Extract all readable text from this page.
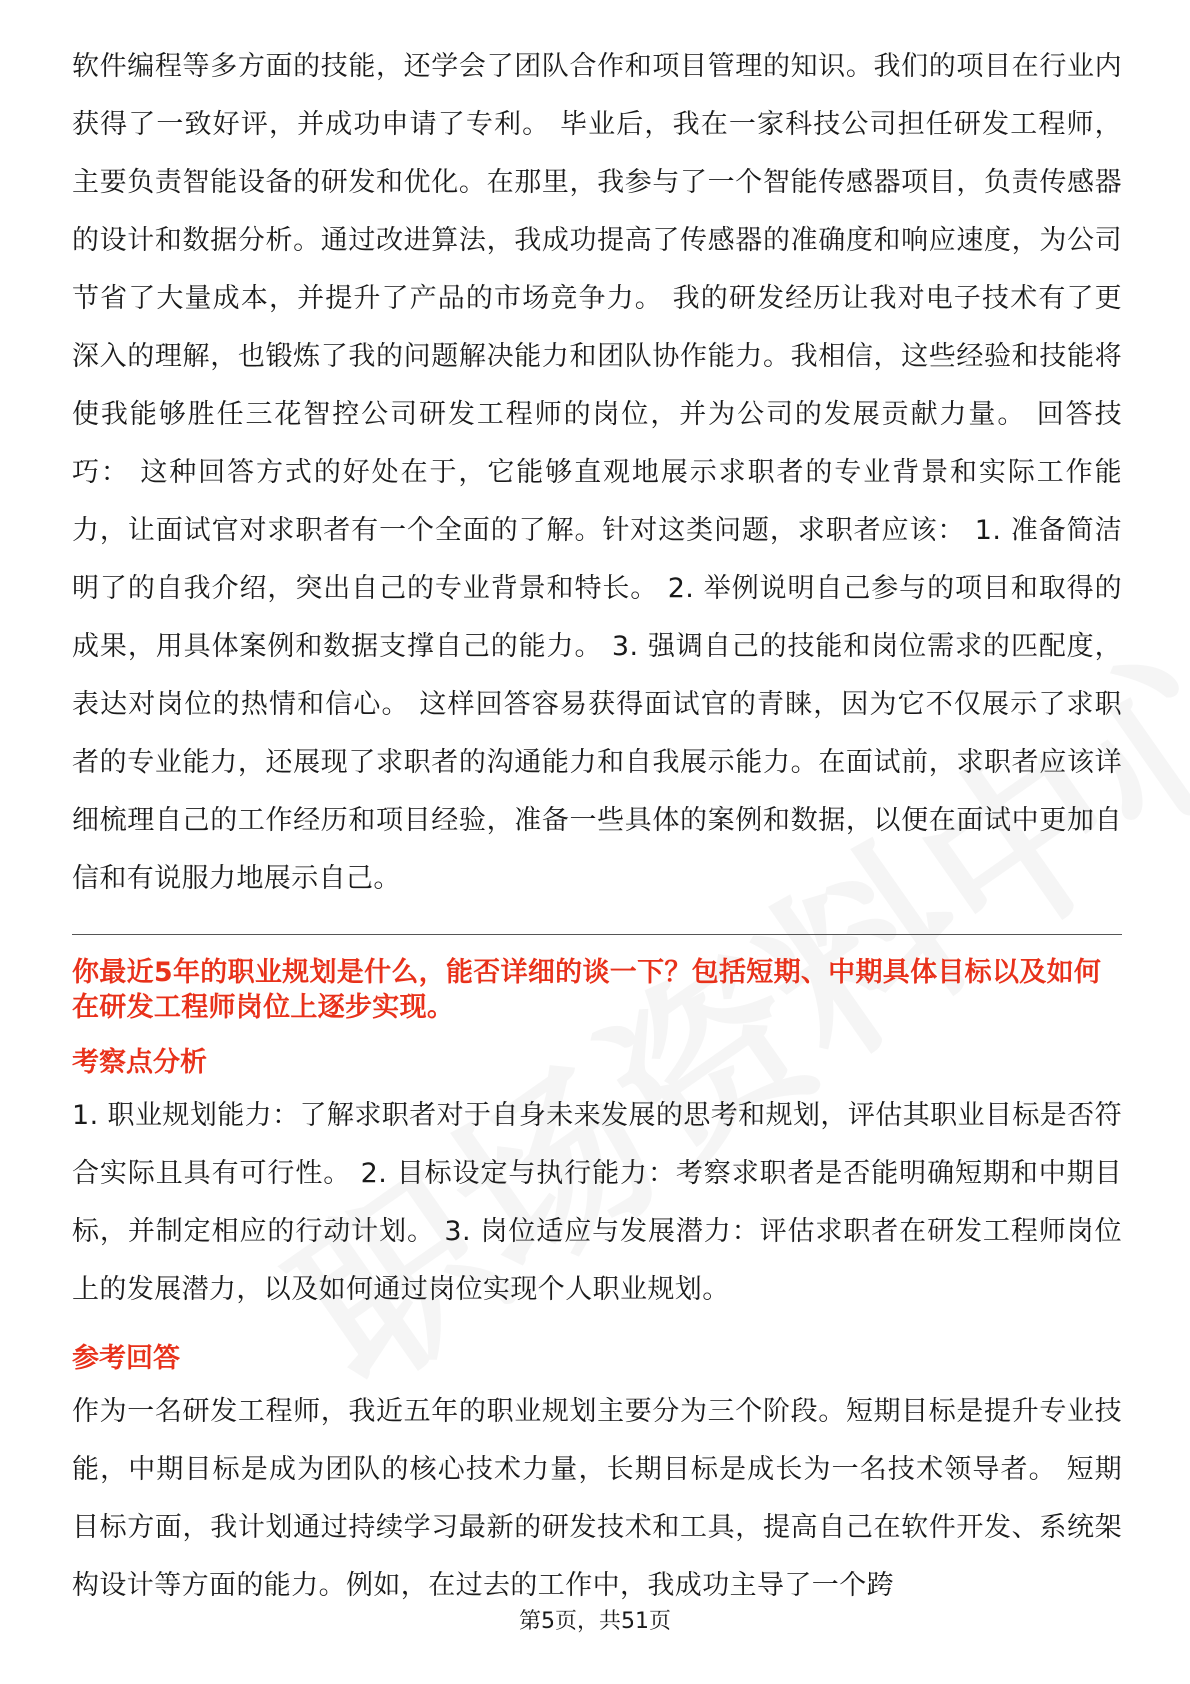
软件编程等多方面的技能，还学会了团队合作和项目管理的知识。我们的项目在行业内获得了一致好评，并成功申请了专利。 毕业后，我在一家科技公司担任研发工程师，主要负责智能设备的研发和优化。在那里，我参与了一个智能传感器项目，负责传感器的设计和数据分析。通过改进算法，我成功提高了传感器的准确度和响应速度，为公司节省了大量成本，并提升了产品的市场竞争力。 我的研发经历让我对电子技术有了更深入的理解，也锻炼了我的问题解决能力和团队协作能力。我相信，这些经验和技能将使我能够胜任三花智控公司研发工程师的岗位，并为公司的发展贡献力量。 回答技巧： 这种回答方式的好处在于，它能够直观地展示求职者的专业背景和实际工作能力，让面试官对求职者有一个全面的了解。针对这类问题，求职者应该： 1. 准备简洁明了的自我介绍，突出自己的专业背景和特长。 2. 举例说明自己参与的项目和取得的成果，用具体案例和数据支撑自己的能力。 3. 强调自己的技能和岗位需求的匹配度，表达对岗位的热情和信心。 这样回答容易获得面试官的青睐，因为它不仅展示了求职者的专业能力，还展现了求职者的沟通能力和自我展示能力。在面试前，求职者应该详细梳理自己的工作经历和项目经验，准备一些具体的案例和数据，以便在面试中更加自信和有说服力地展示自己。

你最近5年的职业规划是什么，能否详细的谈一下？包括短期、中期具体目标以及如何在研发工程师岗位上逐步实现。

考察点分析

1. 职业规划能力：了解求职者对于自身未来发展的思考和规划，评估其职业目标是否符合实际且具有可行性。 2. 目标设定与执行能力：考察求职者是否能明确短期和中期目标，并制定相应的行动计划。 3. 岗位适应与发展潜力：评估求职者在研发工程师岗位上的发展潜力，以及如何通过岗位实现个人职业规划。

参考回答

作为一名研发工程师，我近五年的职业规划主要分为三个阶段。短期目标是提升专业技能，中期目标是成为团队的核心技术力量，长期目标是成长为一名技术领导者。 短期目标方面，我计划通过持续学习最新的研发技术和工具，提高自己在软件开发、系统架构设计等方面的能力。例如，在过去的工作中，我成功主导了一个跨

第5页，共51页
